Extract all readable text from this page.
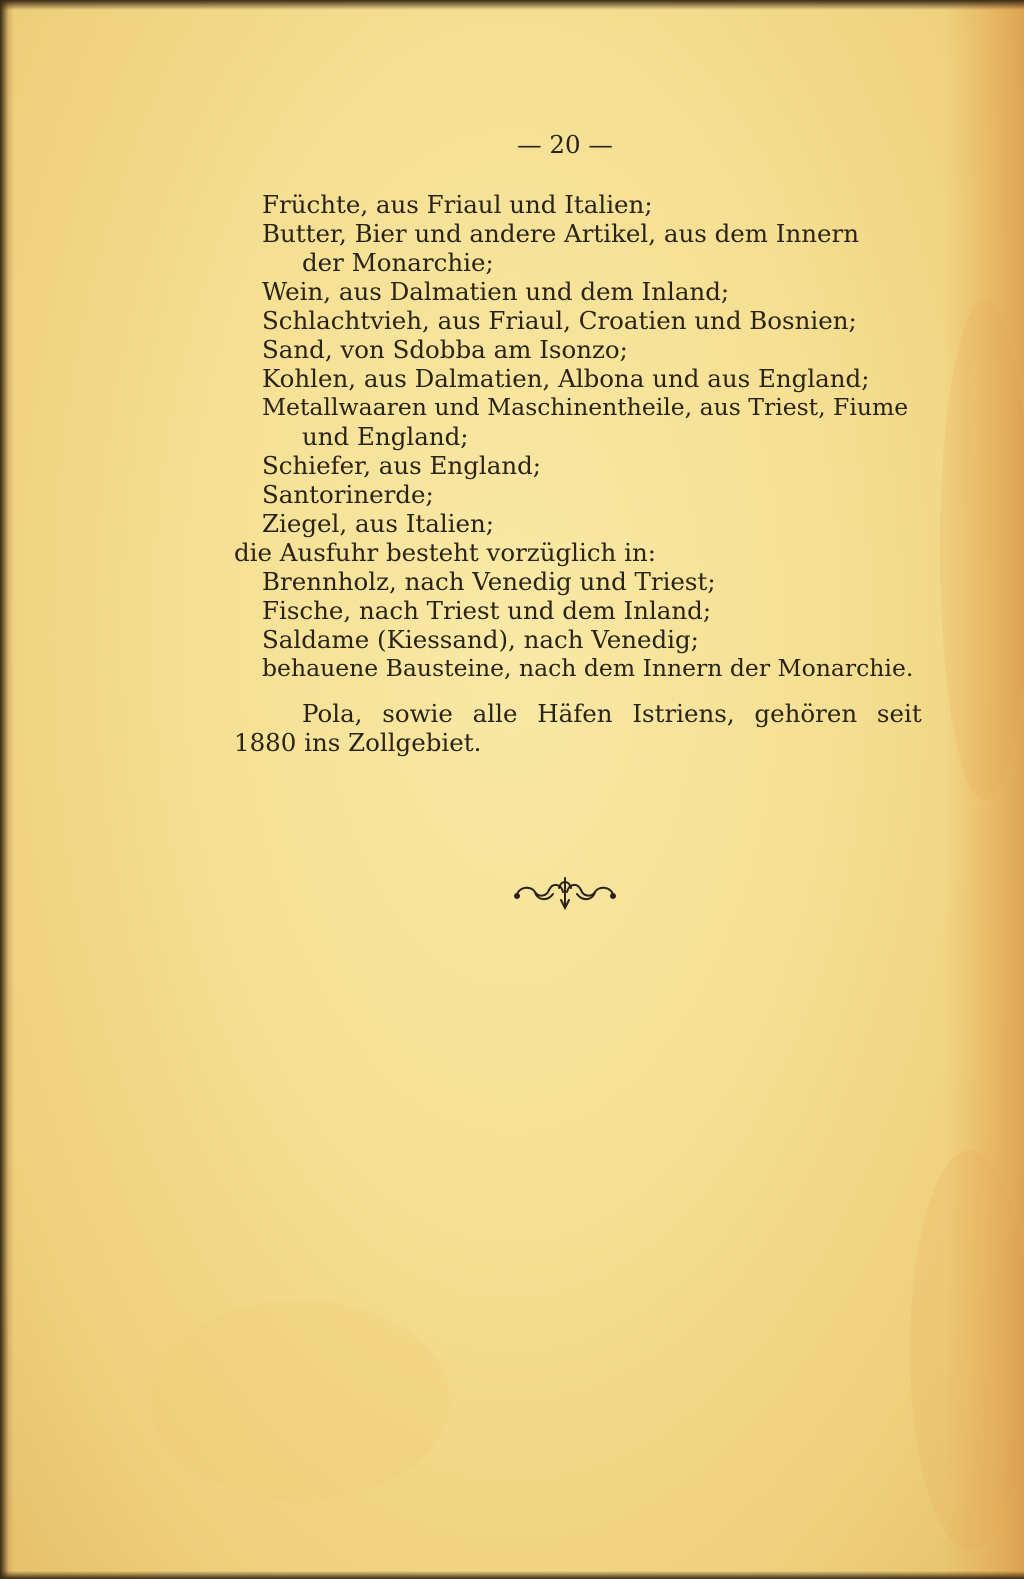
— 20 —
Früchte, aus Friaul und Italien;
Butter, Bier und andere Artikel, aus dem Innern
der Monarchie;
Wein, aus Dalmatien und dem Inland;
Schlachtvieh, aus Friaul, Croatien und Bosnien;
Sand, von Sdobba am Isonzo;
Kohlen, aus Dalmatien, Albona und aus England;
Metallwaaren und Maschinentheile, aus Triest, Fiume
und England;
Schiefer, aus England;
Santorinerde;
Ziegel, aus Italien;
die Ausfuhr besteht vorzüglich in:
Brennholz, nach Venedig und Triest;
Fische, nach Triest und dem Inland;
Saldame (Kiessand), nach Venedig;
behauene Bausteine, nach dem Innern der Monarchie.
Pola, sowie alle Häfen Istriens, gehören seit
1880 ins Zollgebiet.
